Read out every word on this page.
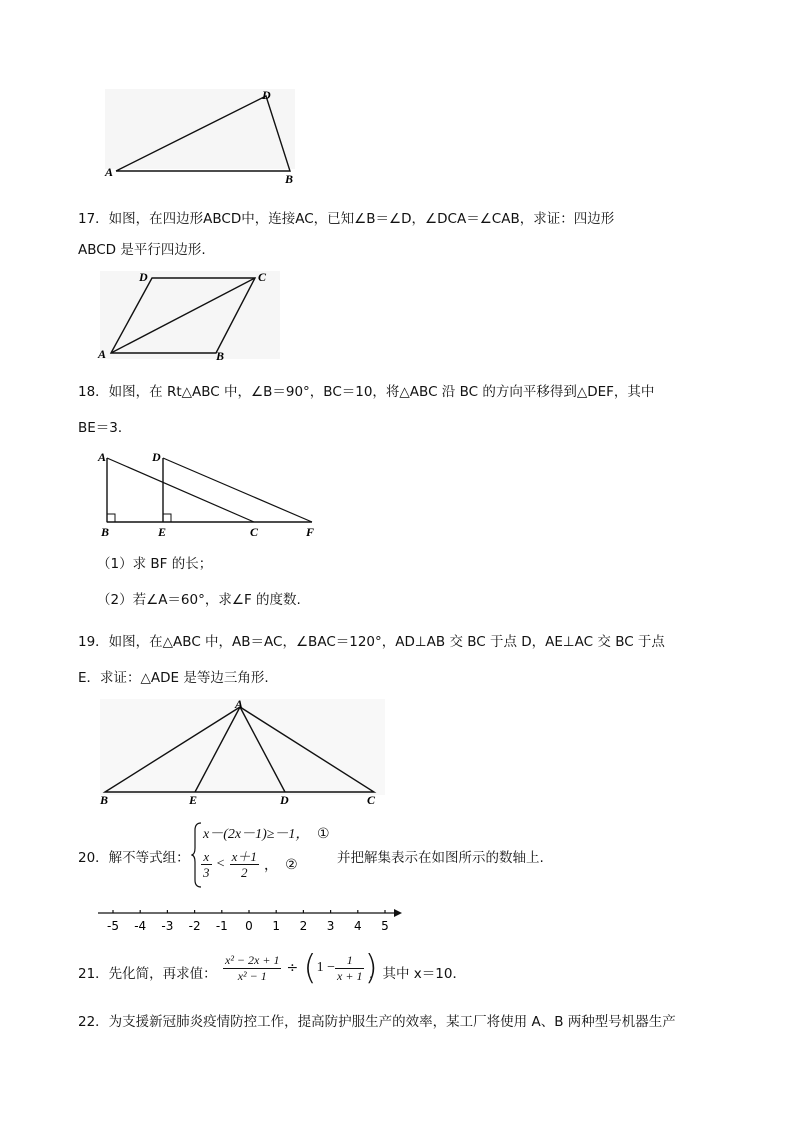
A
D
B
17．如图，在四边形ABCD中，连接AC，已知∠B＝∠D，∠DCA＝∠CAB，求证：四边形
ABCD 是平行四边形.
D	C
A	B
18．如图，在 Rt△ABC 中，∠B＝90°，BC＝10，将△ABC 沿 BC 的方向平移得到△DEF，其中
BE＝3．
A	D
B	E	C	F
（1）求 BF 的长；
（2）若∠A＝60°，求∠F 的度数.
19．如图，在△ABC 中，AB＝AC，∠BAC＝120°，AD⊥AB 交 BC 于点 D，AE⊥AC 交 BC 于点
E．求证：△ADE 是等边三角形.
A
B	E	D	C
20．解不等式组：
x－(2x－1)≥－1， ①
$\frac{x}{3} < \frac{x+1}{2}$ ， ②	并把解集表示在如图所示的数轴上.
-5 -4 -3 -2 -1 0 1 2 3 4 5
21．先化简，再求值： $\frac{\text{x² − 2x + 1}}{\text{x² − 1}} \div (1 - \frac{1}{x + 1}$ )
，其中 x＝10．
22．为支援新冠肺炎疫情防控工作，提高防护服生产的效率，某工厂将使用 A、B 两种型号机器生产
